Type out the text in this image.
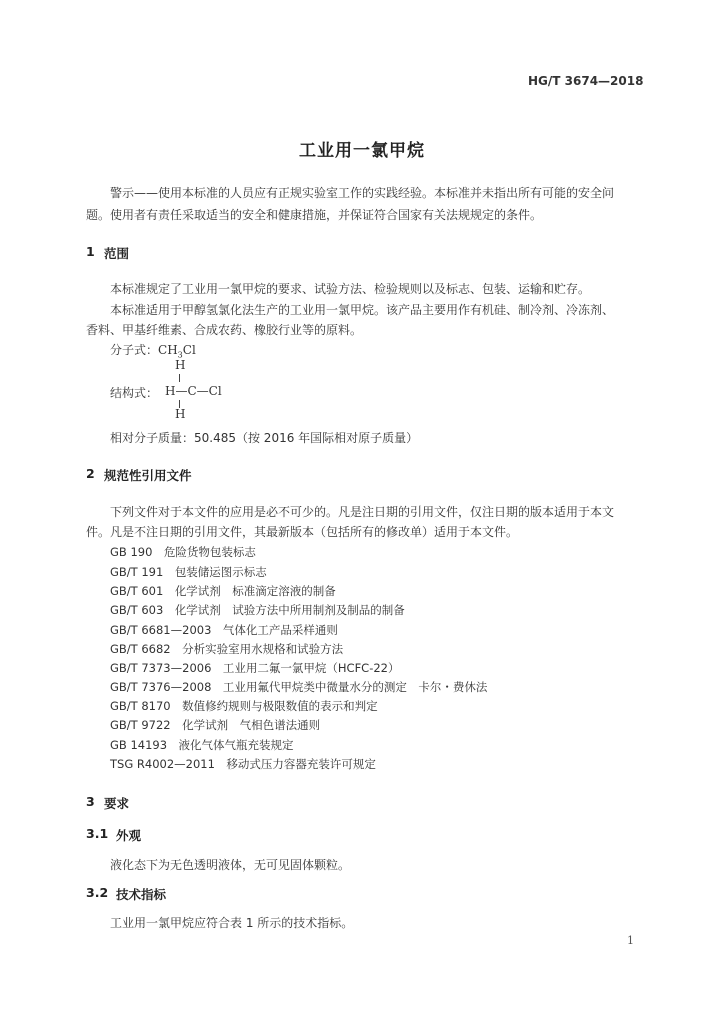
HG/T 3674—2018
工业用一氯甲烷
警示——使用本标准的人员应有正规实验室工作的实践经验。本标准并未指出所有可能的安全问
题。使用者有责任采取适当的安全和健康措施，并保证符合国家有关法规规定的条件。
1 范围
本标准规定了工业用一氯甲烷的要求、试验方法、检验规则以及标志、包装、运输和贮存。
本标准适用于甲醇氢氯化法生产的工业用一氯甲烷。该产品主要用作有机硅、制冷剂、冷冻剂、
香料、甲基纤维素、合成农药、橡胶行业等的原料。
分子式：$CH_3Cl$
H
结构式： H—C—Cl
H
相对分子质量：50.485（按 2016 年国际相对原子质量）
2 规范性引用文件
下列文件对于本文件的应用是必不可少的。凡是注日期的引用文件，仅注日期的版本适用于本文
件。凡是不注日期的引用文件，其最新版本（包括所有的修改单）适用于本文件。
GB 190　 危险货物包装标志
GB/T 191　 包装储运图示标志
GB/T 601　 化学试剂　标准滴定溶液的制备
GB/T 603　 化学试剂　试验方法中所用制剂及制品的制备
GB/T 6681—2003　 气体化工产品采样通则
GB/T 6682　 分析实验室用水规格和试验方法
GB/T 7373—2006　 工业用二氟一氯甲烷（HCFC-22）
GB/T 7376—2008　 工业用氟代甲烷类中微量水分的测定　卡尔・费休法
GB/T 8170　 数值修约规则与极限数值的表示和判定
GB/T 9722　 化学试剂　气相色谱法通则
GB 14193　 液化气体气瓶充装规定
TSG R4002—2011　 移动式压力容器充装许可规定
3 要求
3.1 外观
液化态下为无色透明液体，无可见固体颗粒。
3.2 技术指标
工业用一氯甲烷应符合表 1 所示的技术指标。
1
